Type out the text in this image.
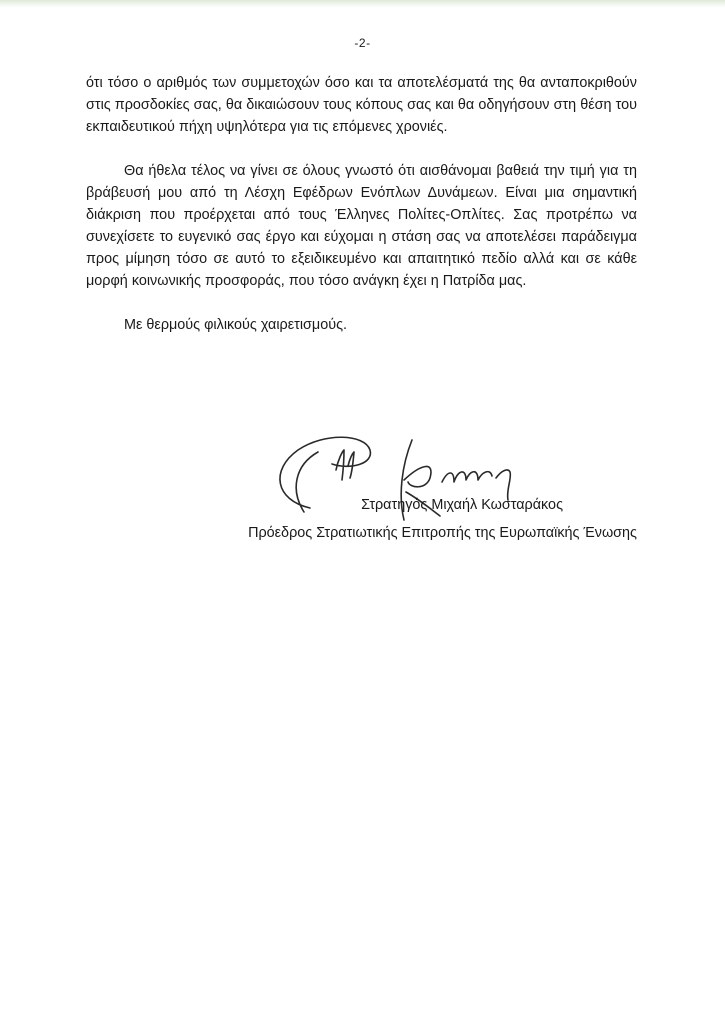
-2-

ότι τόσο ο αριθμός των συμμετοχών όσο και τα αποτελέσματά της θα ανταποκριθούν στις προσδοκίες σας, θα δικαιώσουν τους κόπους σας και θα οδηγήσουν στη θέση του εκπαιδευτικού πήχη υψηλότερα για τις επόμενες χρονιές.

Θα ήθελα τέλος να γίνει σε όλους γνωστό ότι αισθάνομαι βαθειά την τιμή για τη βράβευσή μου από τη Λέσχη Εφέδρων Ενόπλων Δυνάμεων. Είναι μια σημαντική διάκριση που προέρχεται από τους Έλληνες Πολίτες-Οπλίτες. Σας προτρέπω να συνεχίσετε το ευγενικό σας έργο και εύχομαι η στάση σας να αποτελέσει παράδειγμα προς μίμηση τόσο σε αυτό το εξειδικευμένο και απαιτητικό πεδίο αλλά και σε κάθε μορφή κοινωνικής προσφοράς, που τόσο ανάγκη έχει η Πατρίδα μας.

Με θερμούς φιλικούς χαιρετισμούς.

Στρατηγός Μιχαήλ Κωσταράκος
Πρόεδρος Στρατιωτικής Επιτροπής της Ευρωπαϊκής Ένωσης
